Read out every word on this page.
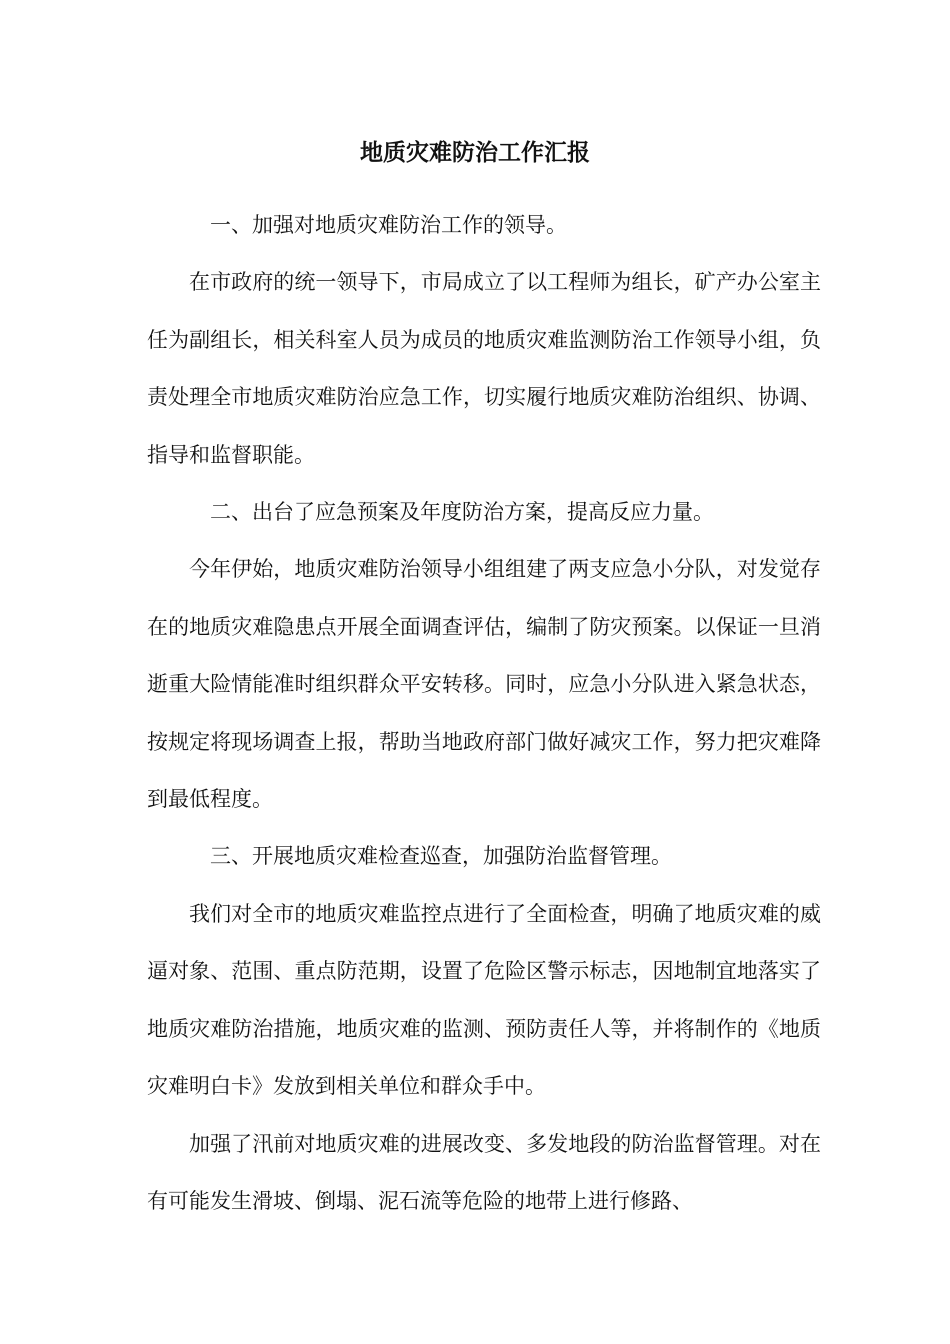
地质灾难防治工作汇报

一、加强对地质灾难防治工作的领导。

在市政府的统一领导下，市局成立了以工程师为组长，矿产办公室主任为副组长，相关科室人员为成员的地质灾难监测防治工作领导小组，负责处理全市地质灾难防治应急工作，切实履行地质灾难防治组织、协调、指导和监督职能。

二、出台了应急预案及年度防治方案，提高反应力量。

今年伊始，地质灾难防治领导小组组建了两支应急小分队，对发觉存在的地质灾难隐患点开展全面调查评估，编制了防灾预案。以保证一旦消逝重大险情能准时组织群众平安转移。同时，应急小分队进入紧急状态，按规定将现场调查上报，帮助当地政府部门做好减灾工作，努力把灾难降到最低程度。

三、开展地质灾难检查巡查，加强防治监督管理。

我们对全市的地质灾难监控点进行了全面检查，明确了地质灾难的威逼对象、范围、重点防范期，设置了危险区警示标志，因地制宜地落实了地质灾难防治措施，地质灾难的监测、预防责任人等，并将制作的《地质灾难明白卡》发放到相关单位和群众手中。

加强了汛前对地质灾难的进展改变、多发地段的防治监督管理。对在有可能发生滑坡、倒塌、泥石流等危险的地带上进行修路、
